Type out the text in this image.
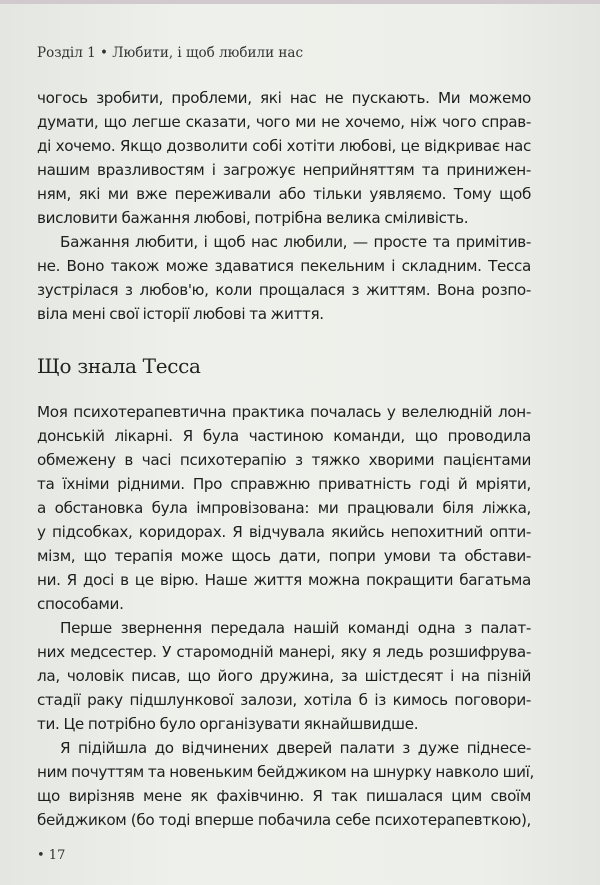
Розділ 1 • Любити, і щоб любили нас
чогось зробити, проблеми, які нас не пускають. Ми можемо
думати, що легше сказати, чого ми не хочемо, ніж чого справ-
ді хочемо. Якщо дозволити собі хотіти любові, це відкриває нас
нашим вразливостям і загрожує неприйняттям та принижен-
ням, які ми вже переживали або тільки уявляємо. Тому щоб
висловити бажання любові, потрібна велика сміливість.
Бажання любити, і щоб нас любили, — просте та примітив-
не. Воно також може здаватися пекельним і складним. Тесса
зустрілася з любов'ю, коли прощалася з життям. Вона розпо-
віла мені свої історії любові та життя.
Що знала Тесса
Моя психотерапевтична практика почалась у велелюдній лон-
донській лікарні. Я була частиною команди, що проводила
обмежену в часі психотерапію з тяжко хворими пацієнтами
та їхніми рідними. Про справжню приватність годі й мріяти,
а обстановка була імпровізована: ми працювали біля ліжка,
у підсобках, коридорах. Я відчувала якийсь непохитний опти-
мізм, що терапія може щось дати, попри умови та обстави-
ни. Я досі в це вірю. Наше життя можна покращити багатьма
способами.
Перше звернення передала нашій команді одна з палат-
них медсестер. У старомодній манері, яку я ледь розшифрува-
ла, чоловік писав, що його дружина, за шістдесят і на пізній
стадії раку підшлункової залози, хотіла б із кимось поговори-
ти. Це потрібно було організувати якнайшвидше.
Я підійшла до відчинених дверей палати з дуже піднесе-
ним почуттям та новеньким бейджиком на шнурку навколо шиї,
що вирізняв мене як фахівчиню. Я так пишалася цим своїм
бейджиком (бо тоді вперше побачила себе психотерапевткою),
• 17
